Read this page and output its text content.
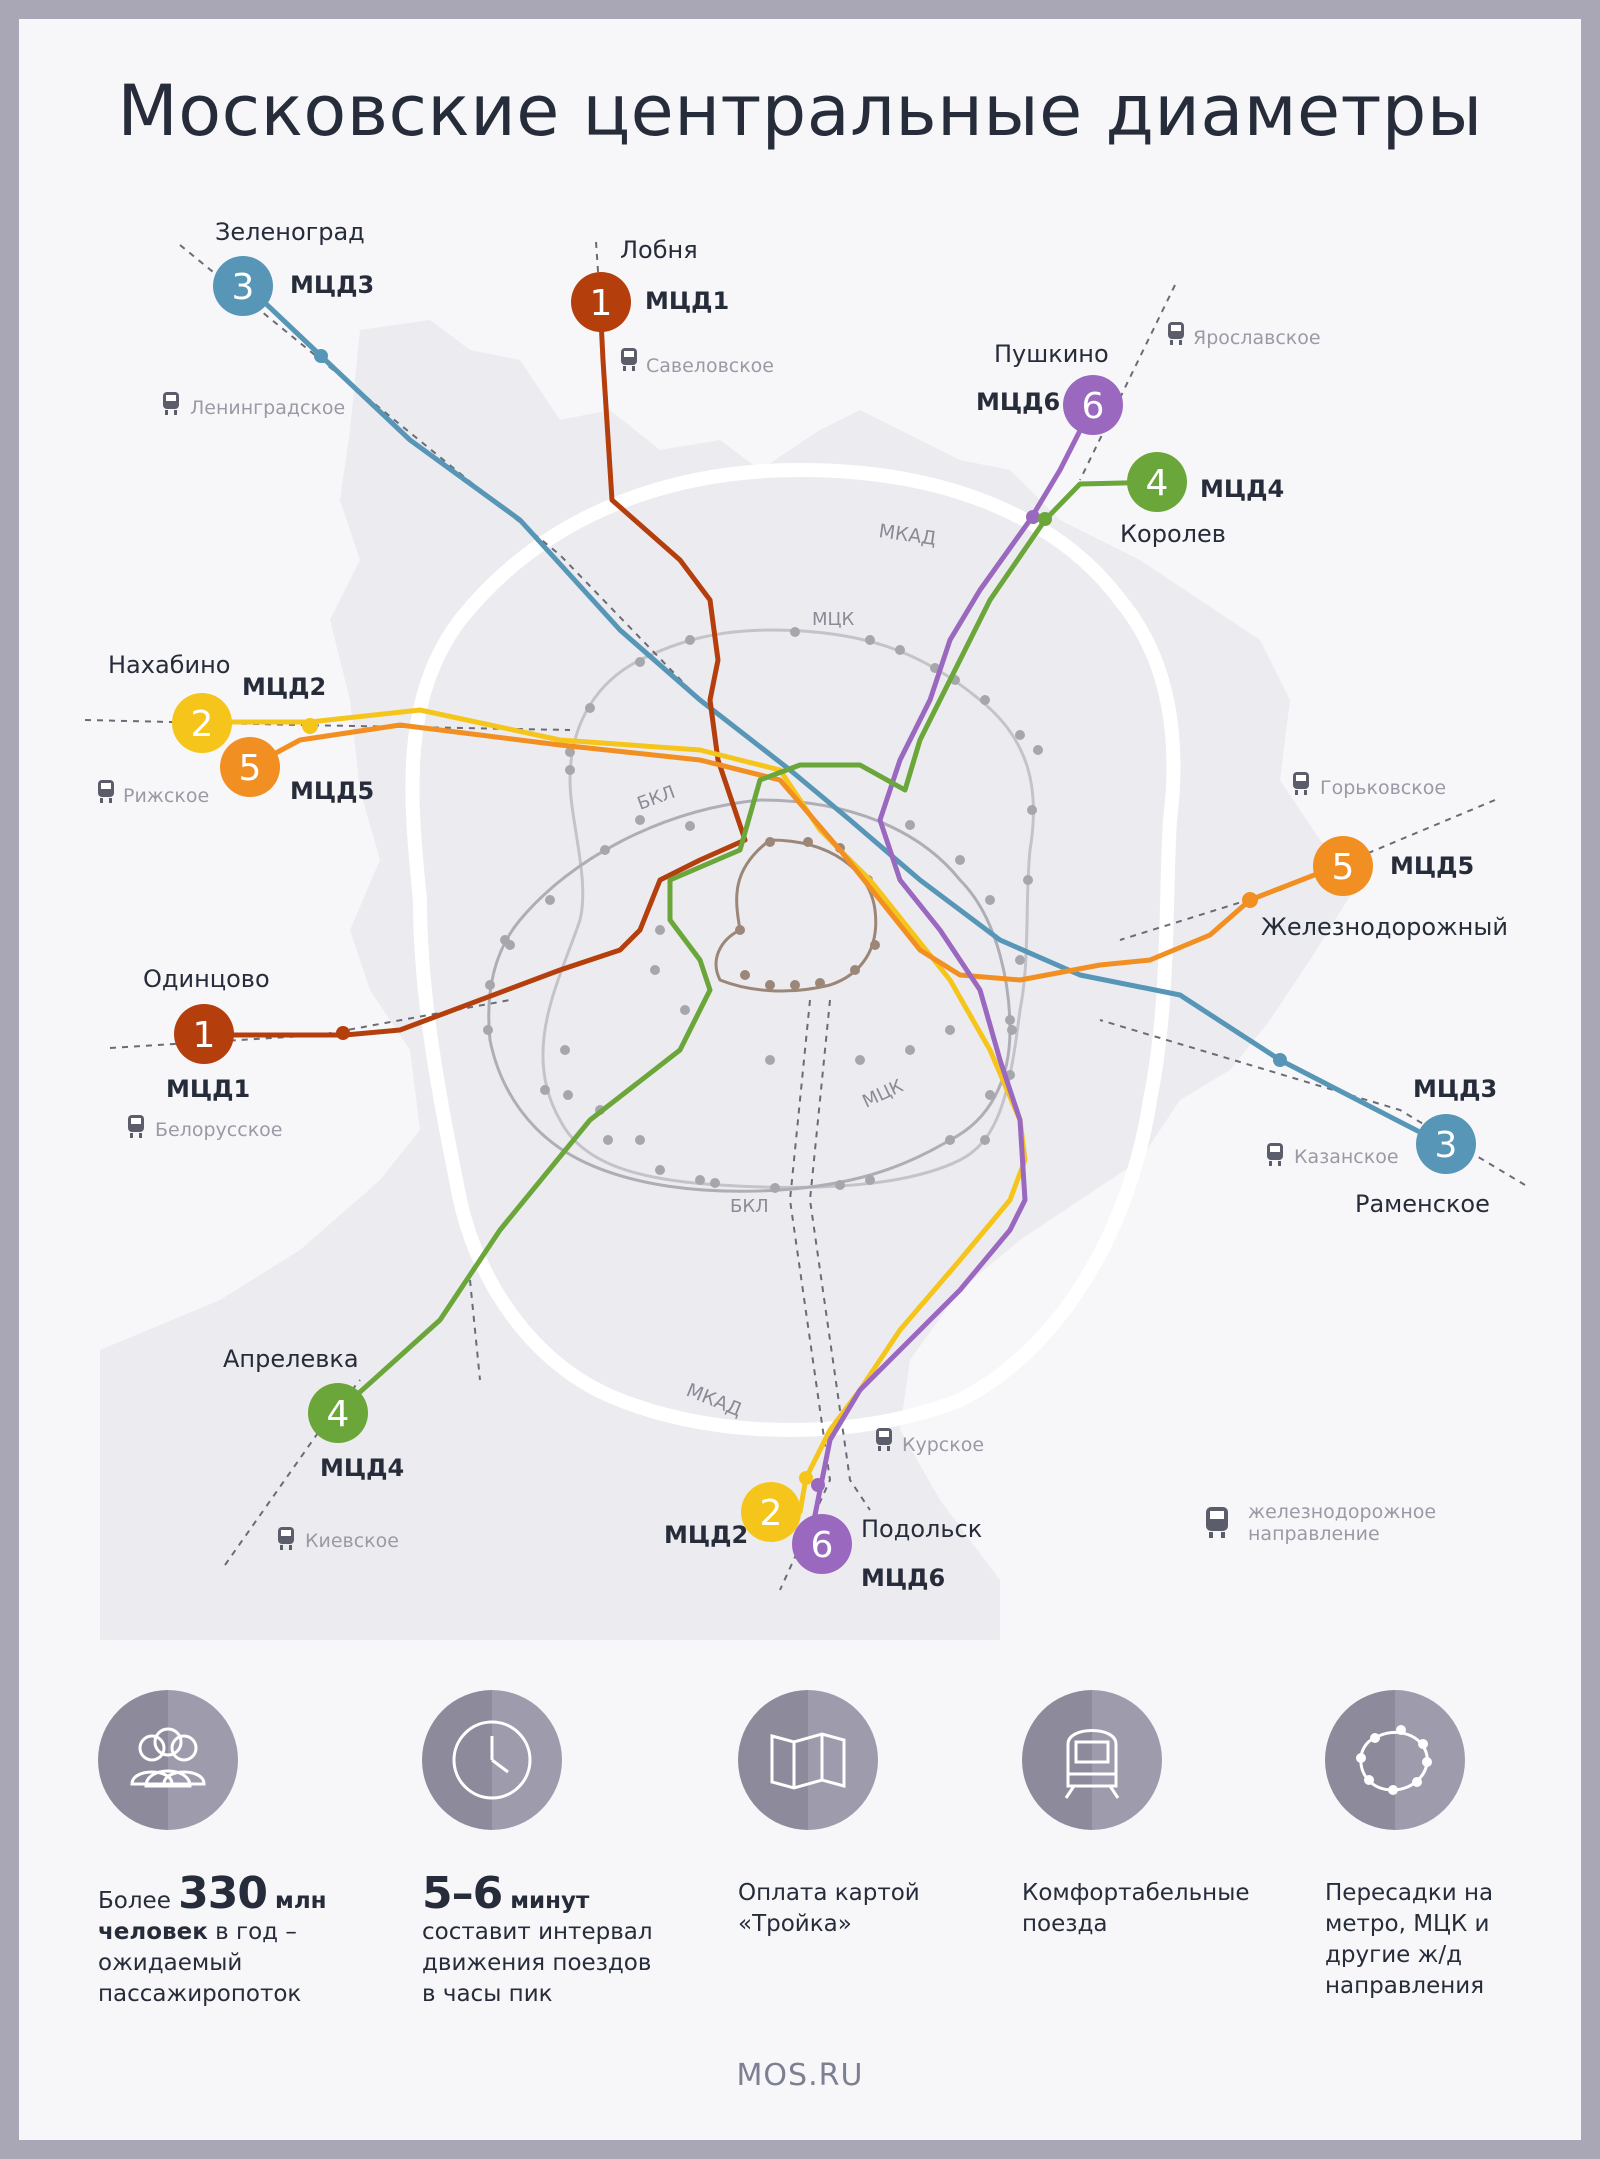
Московские центральные диаметры
МКАД
МКАД
МЦК
МЦК
БКЛ
БКЛ
Ленинградское
Савеловское
Ярославское
Рижское	Горьковское
Белорусское
Казанское
Киевское
Курское
железнодорожное
направление
Зеленоград
Лобня
Пушкино
Королев
Нахабино
Железнодорожный
Одинцово
Раменское
Апрелевка
Подольск
3 МЦД3	1 МЦД1
6
МЦД6
4 МЦД4
2
МЦД2
5
МЦД5
5 МЦД5
1
МЦД1
3
МЦД3
4
МЦД4
2
МЦД2 6
МЦД6
Более 330 млн человек в год – ожидаемый пассажиропоток
5–6 минут составит интервал движения поездов в часы пик
Оплата картой «Тройка»
Комфортабельные поезда
Пересадки на метро, МЦК и другие ж/д направления
MOS.RU
